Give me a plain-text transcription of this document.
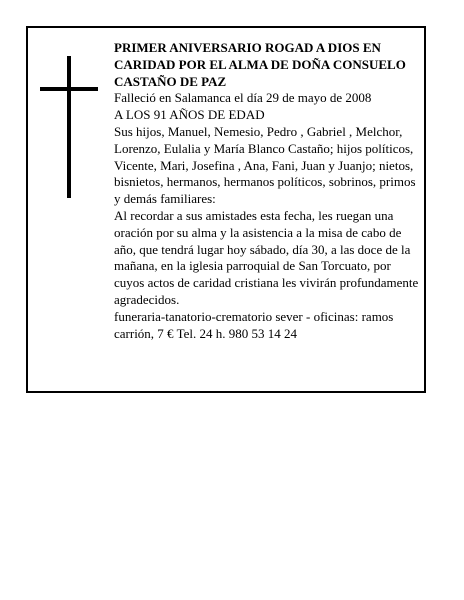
PRIMER ANIVERSARIO ROGAD A DIOS EN CARIDAD POR EL ALMA DE DOÑA CONSUELO CASTAÑO DE PAZ

Falleció en Salamanca el día 29 de mayo de 2008

A LOS 91 AÑOS DE EDAD

Sus hijos, Manuel, Nemesio, Pedro , Gabriel , Melchor, Lorenzo, Eulalia y María Blanco Castaño; hijos políticos, Vicente, Mari, Josefina , Ana, Fani, Juan y Juanjo; nietos, bisnietos, hermanos, hermanos políticos, sobrinos, primos y demás familiares:

Al recordar a sus amistades esta fecha, les ruegan una oración por su alma y la asistencia a la misa de cabo de año, que tendrá lugar hoy sábado, día 30, a las doce de la mañana, en la iglesia parroquial de San Torcuato, por cuyos actos de caridad cristiana les vivirán profundamente agradecidos.

funeraria-tanatorio-crematorio sever - oficinas: ramos carrión, 7 € Tel. 24 h. 980 53 14 24
